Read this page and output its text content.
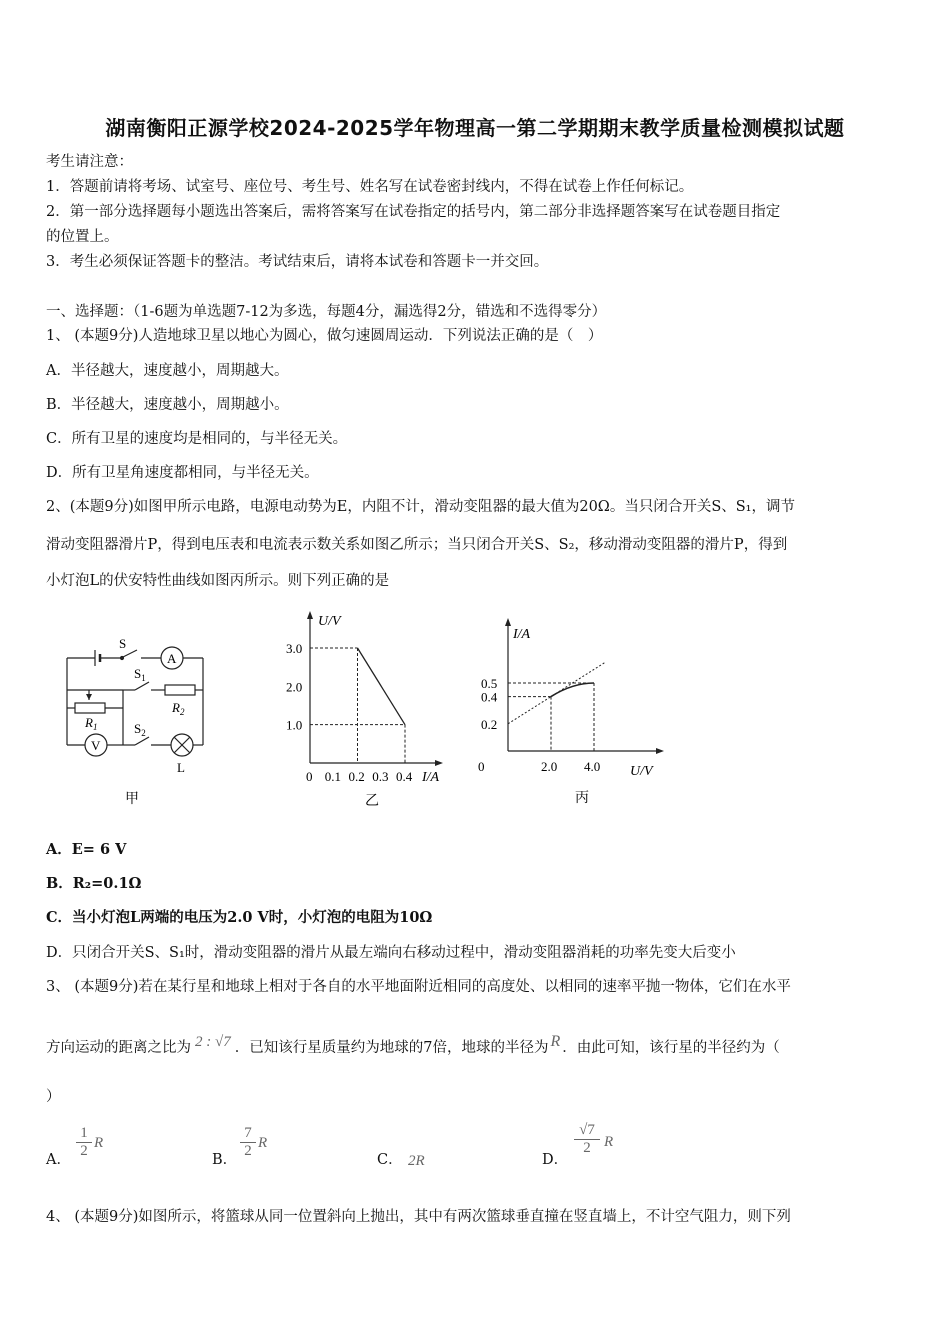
湖南衡阳正源学校2024-2025学年物理高一第二学期期末教学质量检测模拟试题
考生请注意：
1．答题前请将考场、试室号、座位号、考生号、姓名写在试卷密封线内，不得在试卷上作任何标记。
2．第一部分选择题每小题选出答案后，需将答案写在试卷指定的括号内，第二部分非选择题答案写在试卷题目指定
的位置上。
3．考生必须保证答题卡的整洁。考试结束后，请将本试卷和答题卡一并交回。
一、选择题：（1-6题为单选题7-12为多选，每题4分，漏选得2分，错选和不选得零分）
1、 (本题9分)人造地球卫星以地心为圆心，做匀速圆周运动．下列说法正确的是（　）
A．半径越大，速度越小，周期越大。
B．半径越大，速度越小，周期越小。
C．所有卫星的速度均是相同的，与半径无关。
D．所有卫星角速度都相同，与半径无关。
2、(本题9分)如图甲所示电路，电源电动势为E，内阻不计，滑动变阻器的最大值为20Ω。当只闭合开关S、S₁，调节
滑动变阻器滑片P，得到电压表和电流表示数关系如图乙所示；当只闭合开关S、S₂，移动滑动变阻器的滑片P，得到
小灯泡L的伏安特性曲线如图丙所示。则下列正确的是
S
$S_1$
$S_2$
A
V
$R_1$
$R_2$
L
甲
U/V
I/A
0 0.1 0.2 0.3 0.4
1.0
2.0
3.0
乙
I/A
U/V
0	2.0 4.0
0.2
0.4
0.5
丙
A．E= 6 V
B．R₂=0.1Ω
C．当小灯泡L两端的电压为2.0 V时，小灯泡的电阻为10Ω
D．只闭合开关S、S₁时，滑动变阻器的滑片从最左端向右移动过程中，滑动变阻器消耗的功率先变大后变小
3、 (本题9分)若在某行星和地球上相对于各自的水平地面附近相同的高度处、以相同的速率平抛一物体，它们在水平
方向运动的距离之比为 2 : √7 ．已知该行星质量约为地球的7倍，地球的半径为 R ．由此可知，该行星的半径约为（
）
A．
1
2 R
B．
7
2 R
C． 2R	D．
√7
2 R
4、 (本题9分)如图所示，将篮球从同一位置斜向上抛出，其中有两次篮球垂直撞在竖直墙上，不计空气阻力，则下列
